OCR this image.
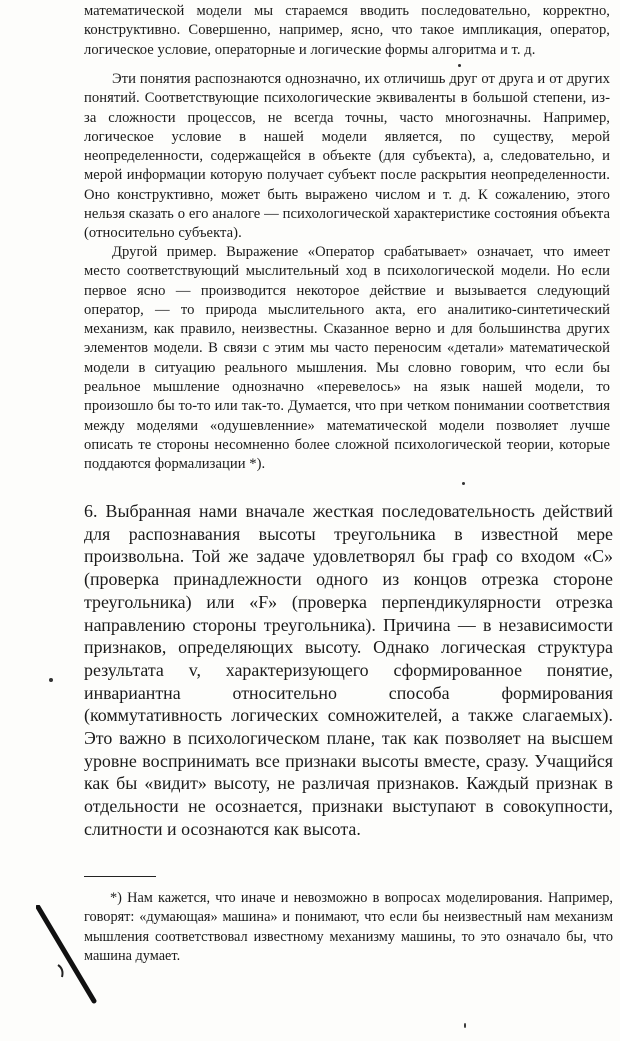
математической модели мы стараемся вводить последовательно, корректно, конструктивно. Совершенно, например, ясно, что такое импликация, оператор, логическое условие, операторные и логические формы алгоритма и т. д.

Эти понятия распознаются однозначно, их отличишь друг от друга и от других понятий. Соответствующие психологические эквиваленты в большой степени, из-за сложности процессов, не всегда точны, часто многозначны. Например, логическое условие в нашей модели является, по существу, мерой неопределенности, содержащейся в объекте (для субъекта), а, следовательно, и мерой информации которую получает субъект после раскрытия неопределенности. Оно конструктивно, может быть выражено числом и т. д. К сожалению, этого нельзя сказать о его аналоге — психологической характеристике состояния объекта (относительно субъекта).

Другой пример. Выражение «Оператор срабатывает» означает, что имеет место соответствующий мыслительный ход в психологической модели. Но если первое ясно — производится некоторое действие и вызывается следующий оператор, — то природа мыслительного акта, его аналитико-синтетический механизм, как правило, неизвестны. Сказанное верно и для большинства других элементов модели. В связи с этим мы часто переносим «детали» математической модели в ситуацию реального мышления. Мы словно говорим, что если бы реальное мышление однозначно «перевелось» на язык нашей модели, то произошло бы то-то или так-то. Думается, что при четком понимании соответствия между моделями «одушевленние» математической модели позволяет лучше описать те стороны несомненно более сложной психологической теории, которые поддаются формализации *).

6. Выбранная нами вначале жесткая последовательность действий для распознавания высоты треугольника в известной мере произвольна. Той же задаче удовлетворял бы граф со входом «С» (проверка принадлежности одного из концов отрезка стороне треугольника) или «F» (проверка перпендикулярности отрезка направлению стороны треугольника). Причина — в независимости признаков, определяющих высоту. Однако логическая структура результата v, характеризующего сформированное понятие, инвариантна относительно способа формирования (коммутативность логических сомножителей, а также слагаемых). Это важно в психологическом плане, так как позволяет на высшем уровне воспринимать все признаки высоты вместе, сразу. Учащийся как бы «видит» высоту, не различая признаков. Каждый признак в отдельности не осознается, признаки выступают в совокупности, слитности и осознаются как высота.

*) Нам кажется, что иначе и невозможно в вопросах моделирования. Например, говорят: «думающая» машина» и понимают, что если бы неизвестный нам механизм мышления соответствовал известному механизму машины, то это означало бы, что машина думает.
